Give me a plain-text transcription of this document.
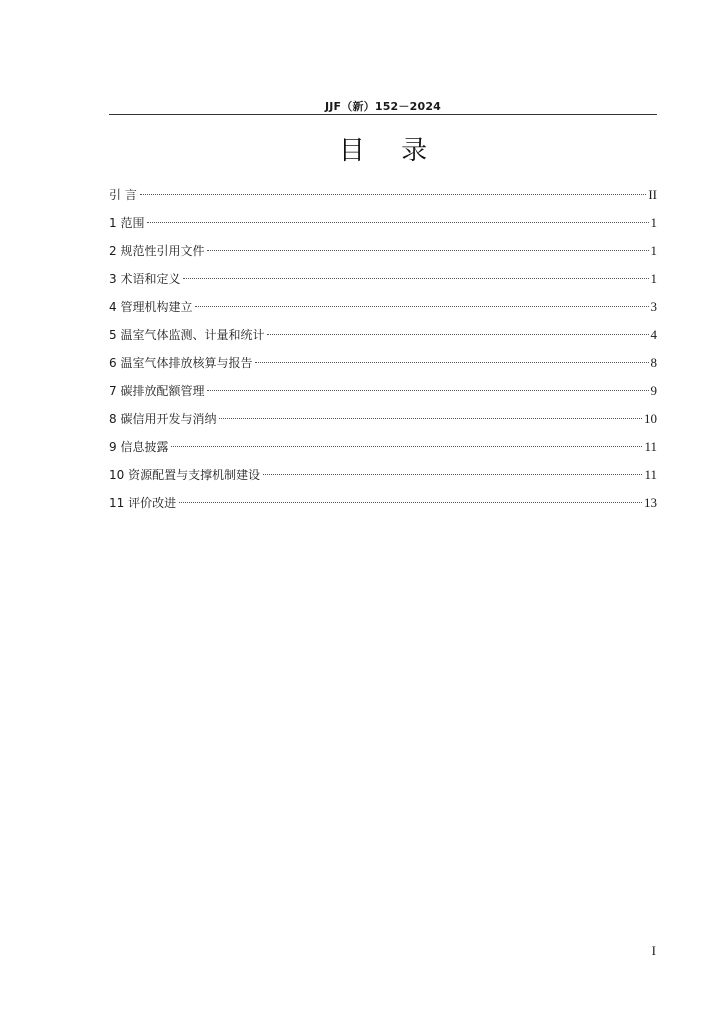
JJF（新）152－2024
目 录
引 言	II
1 范围	1
2 规范性引用文件	1
3 术语和定义	1
4 管理机构建立	3
5 温室气体监测、计量和统计	4
6 温室气体排放核算与报告	8
7 碳排放配额管理	9
8 碳信用开发与消纳	10
9 信息披露	11
10 资源配置与支撑机制建设	11
11 评价改进	13
I
